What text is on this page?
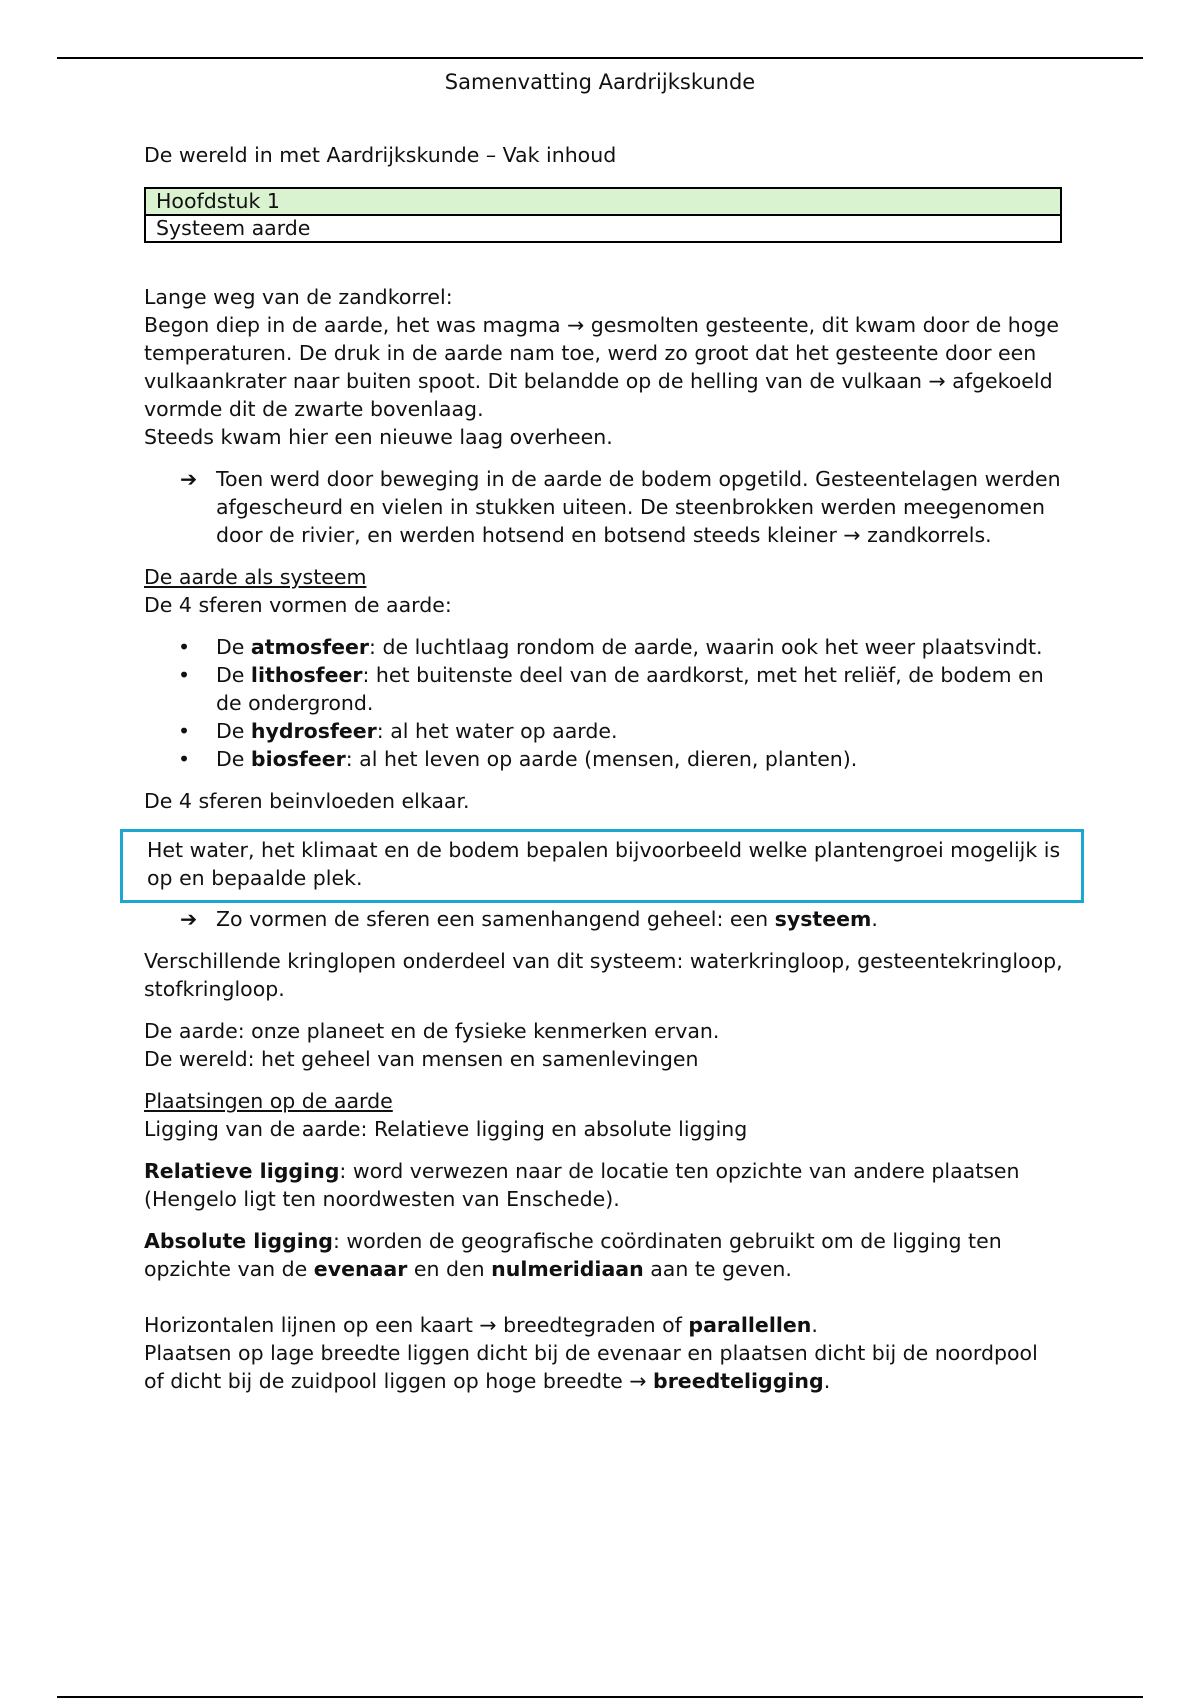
Samenvatting Aardrijkskunde

De wereld in met Aardrijkskunde – Vak inhoud

Hoofdstuk 1
Systeem aarde

Lange weg van de zandkorrel:

Begon diep in de aarde, het was magma → gesmolten gesteente, dit kwam door de hoge temperaturen. De druk in de aarde nam toe, werd zo groot dat het gesteente door een vulkaankrater naar buiten spoot. Dit belandde op de helling van de vulkaan → afgekoeld vormde dit de zwarte bovenlaag.

Steeds kwam hier een nieuwe laag overheen.

➔ Toen werd door beweging in de aarde de bodem opgetild. Gesteentelagen werden afgescheurd en vielen in stukken uiteen. De steenbrokken werden meegenomen door de rivier, en werden hotsend en botsend steeds kleiner → zandkorrels.

De aarde als systeem

De 4 sferen vormen de aarde:

• De atmosfeer: de luchtlaag rondom de aarde, waarin ook het weer plaatsvindt.
• De lithosfeer: het buitenste deel van de aardkorst, met het reliëf, de bodem en de ondergrond.
• De hydrosfeer: al het water op aarde.
• De biosfeer: al het leven op aarde (mensen, dieren, planten).

De 4 sferen beinvloeden elkaar.

Het water, het klimaat en de bodem bepalen bijvoorbeeld welke plantengroei mogelijk is op en bepaalde plek.
➔ Zo vormen de sferen een samenhangend geheel: een systeem.

Verschillende kringlopen onderdeel van dit systeem: waterkringloop, gesteentekringloop, stofkringloop.

De aarde: onze planeet en de fysieke kenmerken ervan.

De wereld: het geheel van mensen en samenlevingen

Plaatsingen op de aarde

Ligging van de aarde: Relatieve ligging en absolute ligging

Relatieve ligging: word verwezen naar de locatie ten opzichte van andere plaatsen (Hengelo ligt ten noordwesten van Enschede).

Absolute ligging: worden de geografische coördinaten gebruikt om de ligging ten opzichte van de evenaar en den nulmeridiaan aan te geven.

Horizontalen lijnen op een kaart → breedtegraden of parallellen.

Plaatsen op lage breedte liggen dicht bij de evenaar en plaatsen dicht bij de noordpool of dicht bij de zuidpool liggen op hoge breedte → breedteligging.
